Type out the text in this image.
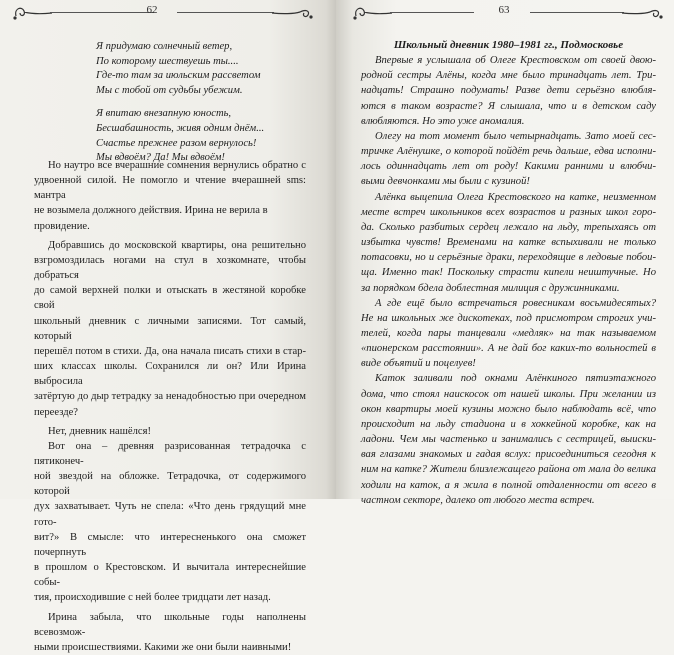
62

Я придумаю солнечный ветер,

По которому шествуешь ты....

Где-то там за июльским рассветом

Мы с тобой от судьбы убежим.

Я впитаю внезапную юность,

Бесшабашность, живя одним днём...

Счастье прежнее разом вернулось!

Мы вдвоём? Да! Мы вдвоём!

Но наутро все вчерашние сомнения вернулись обратно с

удвоенной силой. Не помогло и чтение вчерашней sms: мантра

не возымела должного действия. Ирина не верила в провидение.

Добравшись до московской квартиры, она решительно

взгромоздилась ногами на стул в хозкомнате, чтобы добраться

до самой верхней полки и отыскать в жестяной коробке свой

школьный дневник с личными записями. Тот самый, который

перешёл потом в стихи. Да, она начала писать стихи в стар-

ших классах школы. Сохранился ли он? Или Ирина выбросила

затёртую до дыр тетрадку за ненадобностью при очередном

переезде?

Нет, дневник нашёлся!

Вот она – древняя разрисованная тетрадочка с пятиконеч-

ной звездой на обложке. Тетрадочка, от содержимого которой

дух захватывает. Чуть не спела: «Что день грядущий мне гото-

вит?» В смысле: что интересненького она сможет почерпнуть

в прошлом о Крестовском. И вычитала интереснейшие собы-

тия, происходившие с ней более тридцати лет назад.

Ирина забыла, что школьные годы наполнены всевозмож-

ными происшествиями. Какими же они были наивными!

63

Школьный дневник 1980–1981 гг., Подмосковье

Впервые я услышала об Олеге Крестовском от своей двою-

родной сестры Алёны, когда мне было тринадцать лет. Три-

надцать! Страшно подумать! Разве дети серьёзно влюбля-

ются в таком возрасте? Я слышала, что и в детском саду

влюбляются. Но это уже аномалия.

Олегу на тот момент было четырнадцать. Зато моей сес-

тричке Алёнушке, о которой пойдёт речь дальше, едва исполни-

лось одиннадцать лет от роду! Какими ранними и влюбчи-

выми девчонками мы были с кузиной!

Алёнка выцепила Олега Крестовского на катке, неизменном

месте встреч школьников всех возрастов и разных школ горо-

да. Сколько разбитых сердец лежало на льду, трепыхаясь от

избытка чувств! Временами на катке вспыхивали не только

потасовки, но и серьёзные драки, переходящие в ледовые побои-

ща. Именно так! Поскольку страсти кипели неиштучные. Но

за порядком бдела доблестная милиция с дружинниками.

А где ещё было встречаться ровесникам восьмидесятых?

Не на школьных же дискотеках, под присмотром строгих учи-

телей, когда пары танцевали «медляк» на так называемом

«пионерском расстоянии». А не дай бог каких-то вольностей в

виде объятий и поцелуев!

Каток заливали под окнами Алёнкиного пятиэтажного

дома, что стоял наискосок от нашей школы. При желании из

окон квартиры моей кузины можно было наблюдать всё, что

происходит на льду стадиона и в хоккейной коробке, как на

ладони. Чем мы частенько и занимались с сестрицей, выиски-

вая глазами знакомых и гадая вслух: присоединиться сегодня к

ним на катке? Жители близлежащего района от мала до велика

ходили на каток, а я жила в полной отдаленности от всего в

частном секторе, далеко от любого места встреч.
